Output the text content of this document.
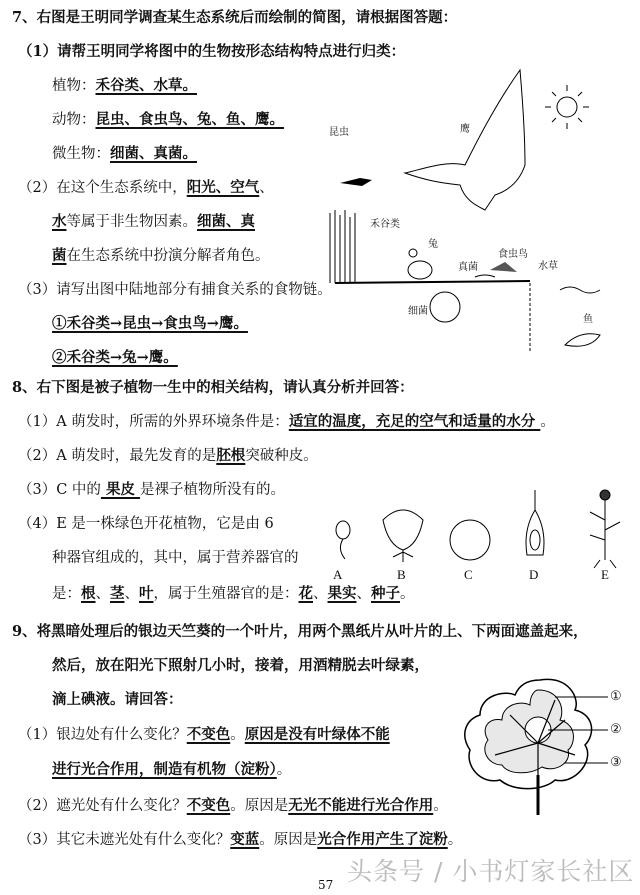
7、右图是王明同学调查某生态系统后而绘制的简图，请根据图答题：
（1）请帮王明同学将图中的生物按形态结构特点进行归类：
植物：禾谷类、水草。
动物：昆虫、食虫鸟、兔、鱼、鹰。
微生物：细菌、真菌。
（2）在这个生态系统中，阳光、空气、
水等属于非生物因素。细菌、真
菌在生态系统中扮演分解者角色。
（3）请写出图中陆地部分有捕食关系的食物链。
①禾谷类→昆虫→食虫鸟→鹰。
②禾谷类→兔→鹰。
昆虫	鹰
禾谷类
兔
真菌
食虫鸟
水草
细菌
鱼
8、右下图是被子植物一生中的相关结构，请认真分析并回答：
（1）A 萌发时，所需的外界环境条件是：适宜的温度，充足的空气和适量的水分 。
（2）A 萌发时，最先发育的是胚根突破种皮。
（3）C 中的 果皮 是裸子植物所没有的。
（4）E 是一株绿色开花植物，它是由 6
种器官组成的，其中，属于营养器官的
是：根、茎、叶，属于生殖器官的是：花、果实、种子。
A	B	C	D	E
9、将黑暗处理后的银边天竺葵的一个叶片，用两个黑纸片从叶片的上、下两面遮盖起来，
然后，放在阳光下照射几小时，接着，用酒精脱去叶绿素，
滴上碘液。请回答：
（1）银边处有什么变化？不变色。原因是没有叶绿体不能
进行光合作用，制造有机物（淀粉）。
（2）遮光处有什么变化？不变色。原因是无光不能进行光合作用。
（3）其它未遮光处有什么变化？变蓝。原因是光合作用产生了淀粉。
①
②
③
头条号 / 小书灯家长社区
57
